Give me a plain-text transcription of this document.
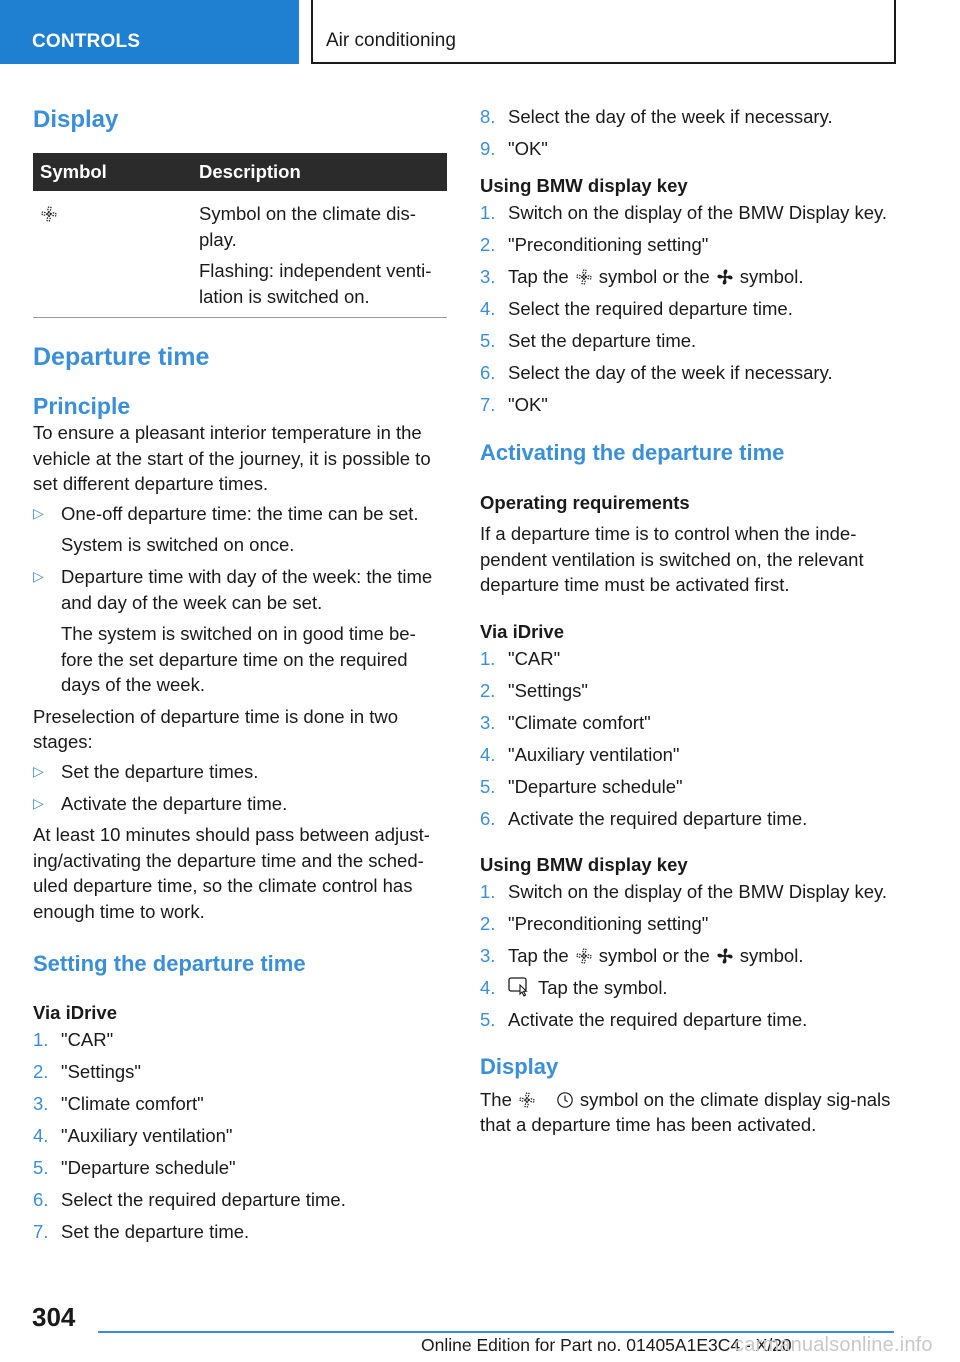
CONTROLS	Air conditioning
Display
Symbol	Description
Symbol on the climate dis-play.
Flashing: independent venti-lation is switched on.
Departure time
Principle
To ensure a pleasant interior temperature in the vehicle at the start of the journey, it is possible to set different departure times.
▷ One-off departure time: the time can be set.
System is switched on once.
▷ Departure time with day of the week: the time and day of the week can be set.
The system is switched on in good time be-fore the set departure time on the required days of the week.
Preselection of departure time is done in two stages:
▷ Set the departure times.
▷ Activate the departure time.
At least 10 minutes should pass between adjust-ing/activating the departure time and the sched-uled departure time, so the climate control has enough time to work.
Setting the departure time
Via iDrive
1. "CAR"
2. "Settings"
3. "Climate comfort"
4. "Auxiliary ventilation"
5. "Departure schedule"
6. Select the required departure time.
7. Set the departure time.
8. Select the day of the week if necessary.
9. "OK"
Using BMW display key
1. Switch on the display of the BMW Display key.
2. "Preconditioning setting"
3. Tap the symbol or the symbol.
4. Select the required departure time.
5. Set the departure time.
6. Select the day of the week if necessary.
7. "OK"
Activating the departure time
Operating requirements
If a departure time is to control when the inde-pendent ventilation is switched on, the relevant departure time must be activated first.
Via iDrive
1. "CAR"
2. "Settings"
3. "Climate comfort"
4. "Auxiliary ventilation"
5. "Departure schedule"
6. Activate the required departure time.
Using BMW display key
1. Switch on the display of the BMW Display key.
2. "Preconditioning setting"
3. Tap the symbol or the symbol.
4.	Tap the symbol.
5. Activate the required departure time.
Display
The	symbol on the climate display sig-nals that a departure time has been activated.
304
Online Edition for Part no. 01405A1E3C4 - X/20
carmanualsonline.info
